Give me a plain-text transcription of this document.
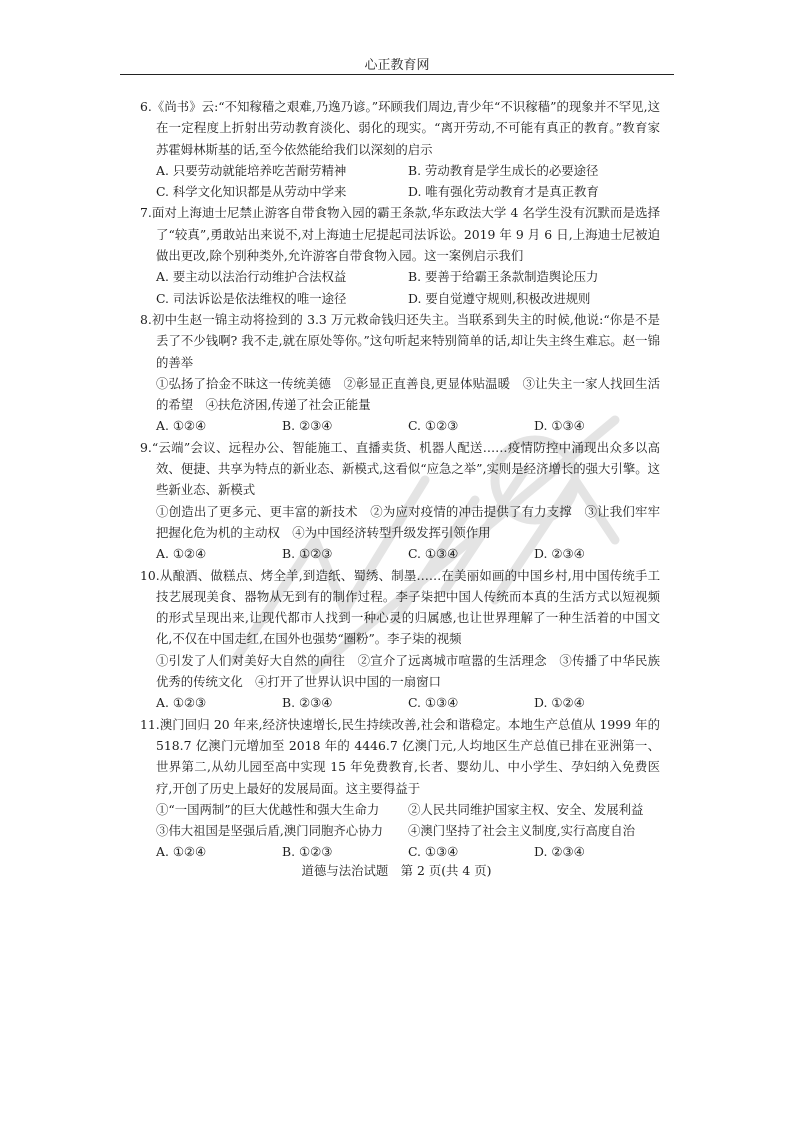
心正教育网
6.《尚书》云:“不知稼穑之艰难,乃逸乃谚。”环顾我们周边,青少年“不识稼穑”的现象并不罕见,这在一定程度上折射出劳动教育淡化、弱化的现实。“离开劳动,不可能有真正的教育。”教育家苏霍姆林斯基的话,至今依然能给我们以深刻的启示
A. 只要劳动就能培养吃苦耐劳精神	B. 劳动教育是学生成长的必要途径
C. 科学文化知识都是从劳动中学来	D. 唯有强化劳动教育才是真正教育
7.面对上海迪士尼禁止游客自带食物入园的霸王条款,华东政法大学 4 名学生没有沉默而是选择了“较真”,勇敢站出来说不,对上海迪士尼提起司法诉讼。2019 年 9 月 6 日,上海迪士尼被迫做出更改,除个别种类外,允许游客自带食物入园。这一案例启示我们
A. 要主动以法治行动维护合法权益	B. 要善于给霸王条款制造舆论压力
C. 司法诉讼是依法维权的唯一途径	D. 要自觉遵守规则,积极改进规则
8.初中生赵一锦主动将捡到的 3.3 万元救命钱归还失主。当联系到失主的时候,他说:“你是不是丢了不少钱啊? 我不走,就在原处等你。”这句听起来特别简单的话,却让失主终生难忘。赵一锦的善举
①弘扬了拾金不昧这一传统美德　②彰显正直善良,更显体贴温暖　③让失主一家人找回生活的希望　④扶危济困,传递了社会正能量
A. ①②④	B. ②③④	C. ①②③	D. ①③④
9.“云端”会议、远程办公、智能施工、直播卖货、机器人配送……疫情防控中涌现出众多以高效、便捷、共享为特点的新业态、新模式,这看似“应急之举”,实则是经济增长的强大引擎。这些新业态、新模式
①创造出了更多元、更丰富的新技术　②为应对疫情的冲击提供了有力支撑　③让我们牢牢把握化危为机的主动权　④为中国经济转型升级发挥引领作用
A. ①②④	B. ①②③	C. ①③④	D. ②③④
10.从酿酒、做糕点、烤全羊,到造纸、蜀绣、制墨……在美丽如画的中国乡村,用中国传统手工技艺展现美食、器物从无到有的制作过程。李子柒把中国人传统而本真的生活方式以短视频的形式呈现出来,让现代都市人找到一种心灵的归属感,也让世界理解了一种生活着的中国文化,不仅在中国走红,在国外也强势“圈粉”。李子柒的视频
①引发了人们对美好大自然的向往　②宣介了远离城市喧嚣的生活理念　③传播了中华民族优秀的传统文化　④打开了世界认识中国的一扇窗口
A. ①②③	B. ②③④	C. ①③④	D. ①②④
11.澳门回归 20 年来,经济快速增长,民生持续改善,社会和谐稳定。本地生产总值从 1999 年的 518.7 亿澳门元增加至 2018 年的 4446.7 亿澳门元,人均地区生产总值已排在亚洲第一、世界第二,从幼儿园至高中实现 15 年免费教育,长者、婴幼儿、中小学生、孕妇纳入免费医疗,开创了历史上最好的发展局面。这主要得益于
①“一国两制”的巨大优越性和强大生命力	②人民共同维护国家主权、安全、发展利益
③伟大祖国是坚强后盾,澳门同胞齐心协力	④澳门坚持了社会主义制度,实行高度自治
A. ①②④	B. ①②③	C. ①③④	D. ②③④
道德与法治试题　第 2 页(共 4 页)
